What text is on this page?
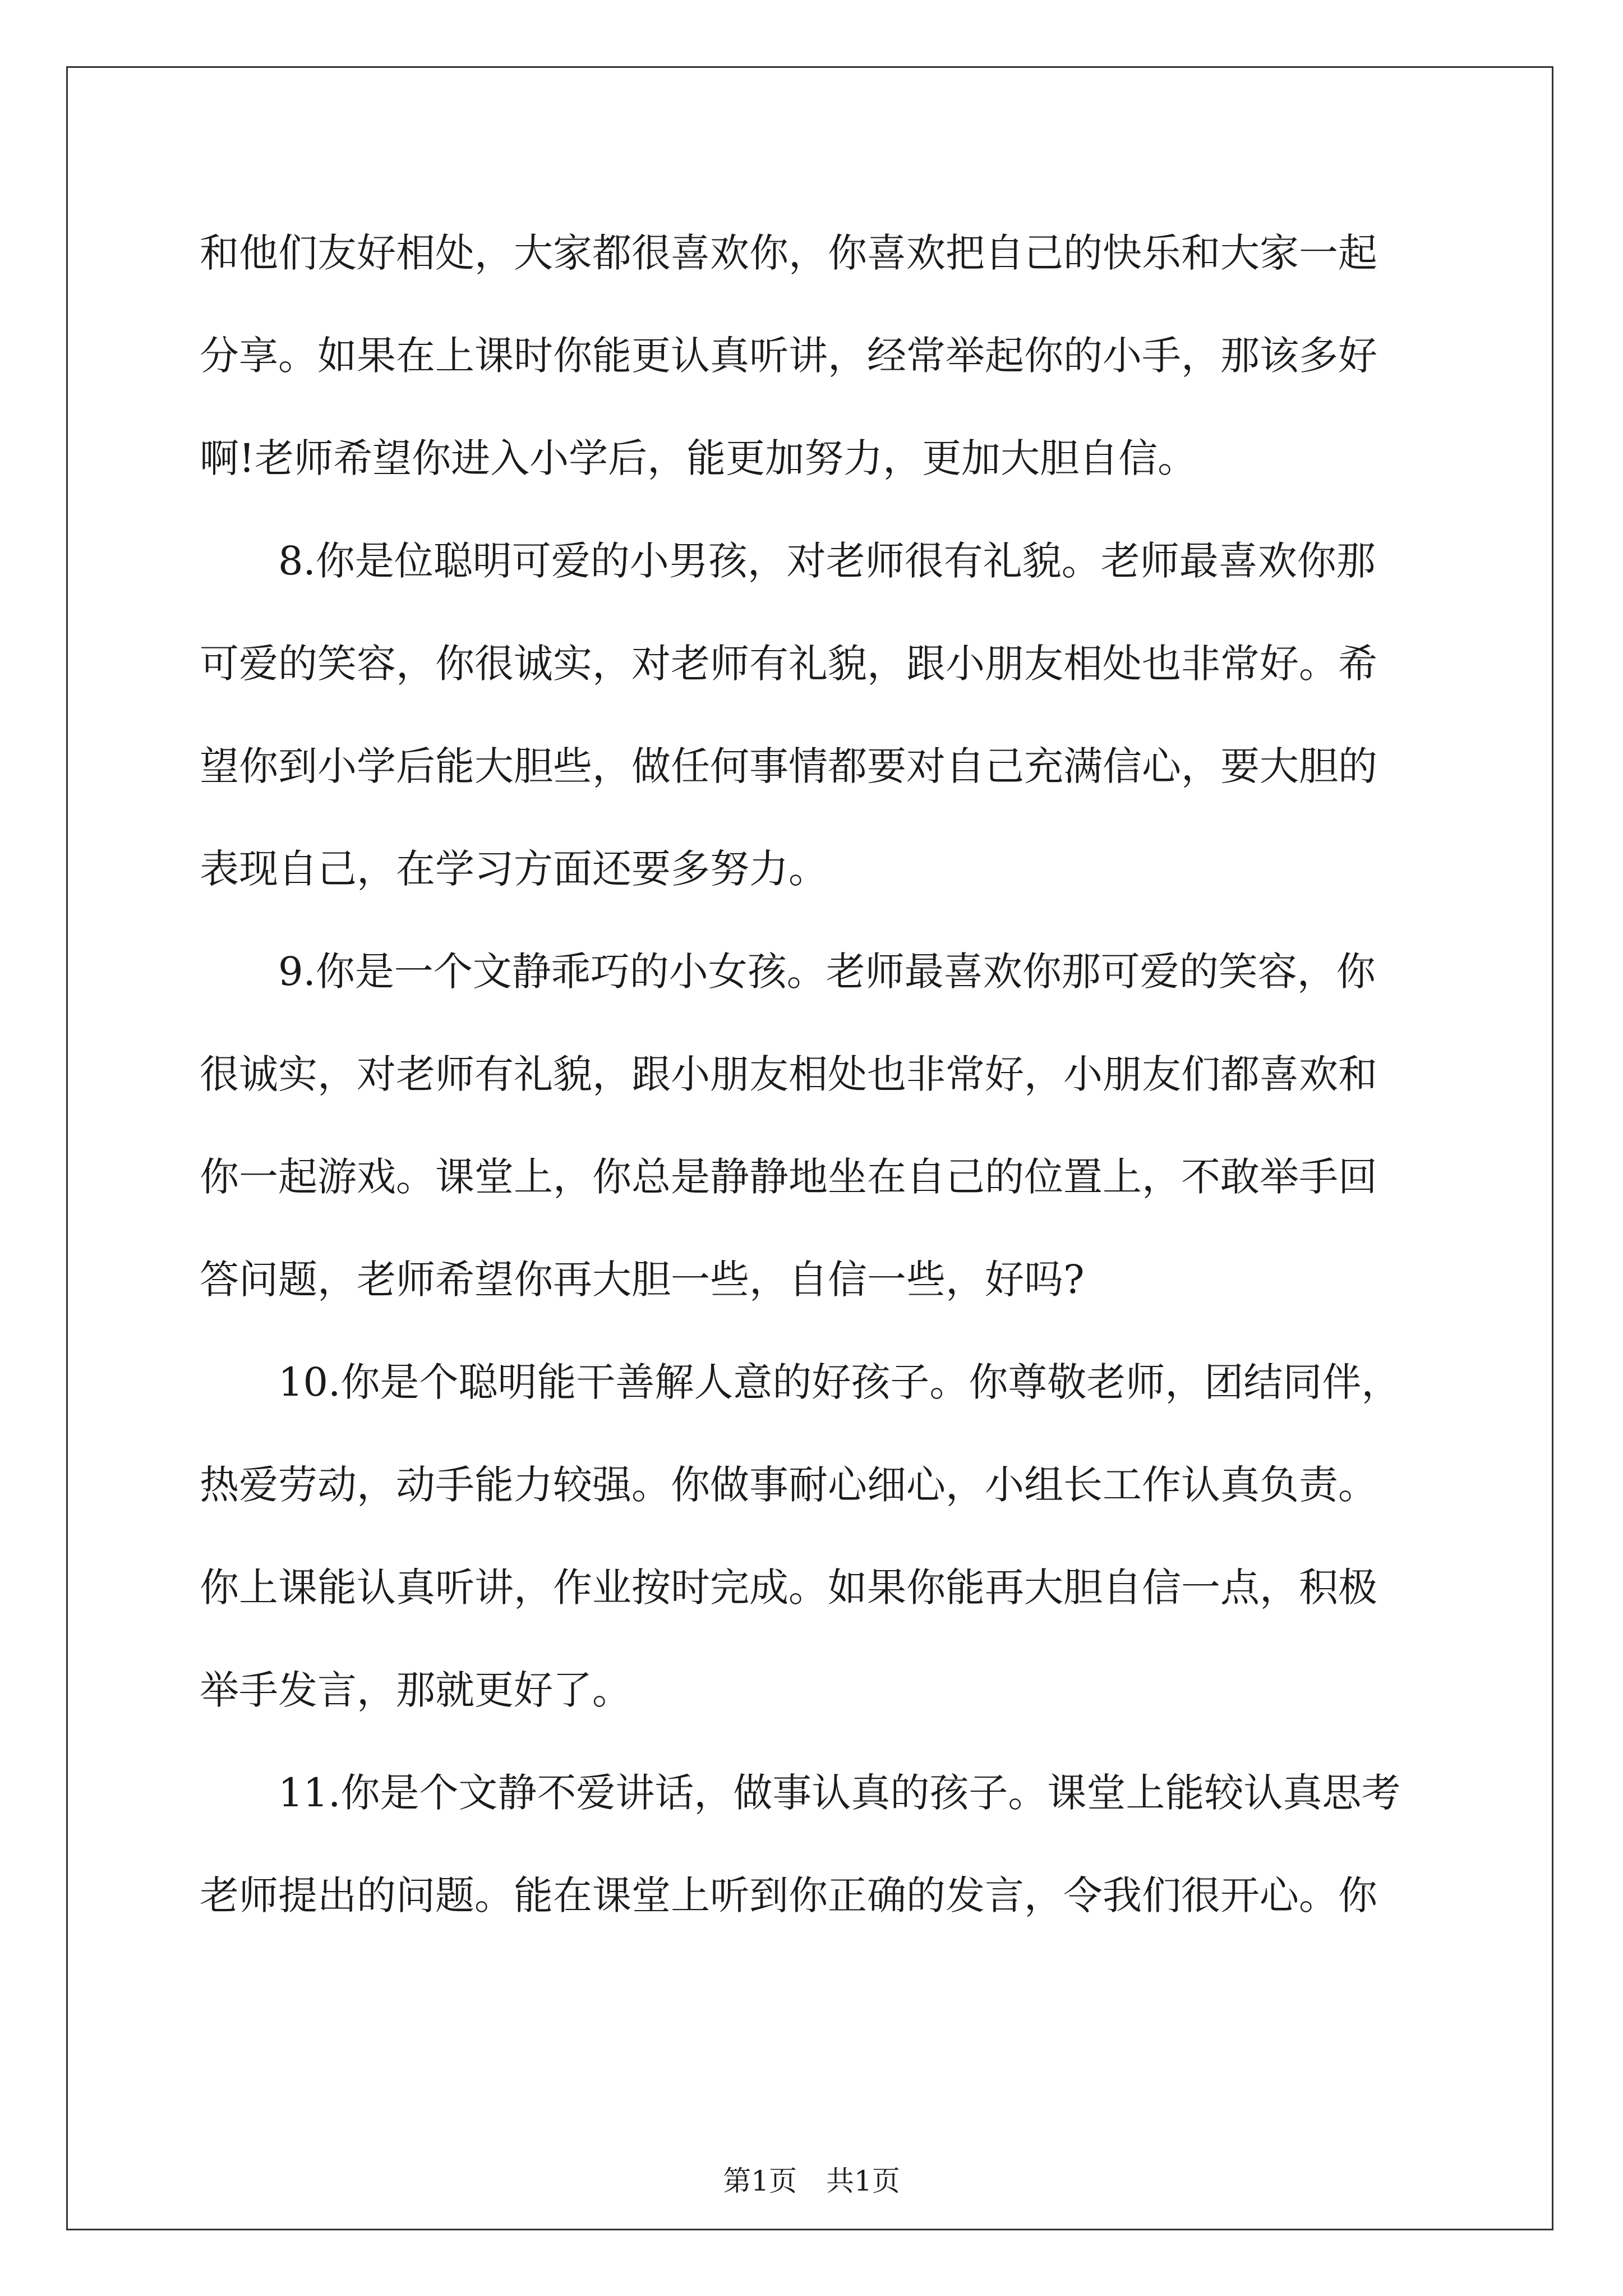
和他们友好相处，大家都很喜欢你，你喜欢把自己的快乐和大家一起
分享。如果在上课时你能更认真听讲，经常举起你的小手，那该多好
啊!老师希望你进入小学后，能更加努力，更加大胆自信。
　　8.你是位聪明可爱的小男孩，对老师很有礼貌。老师最喜欢你那
可爱的笑容，你很诚实，对老师有礼貌，跟小朋友相处也非常好。希
望你到小学后能大胆些，做任何事情都要对自己充满信心，要大胆的
表现自己，在学习方面还要多努力。
　　9.你是一个文静乖巧的小女孩。老师最喜欢你那可爱的笑容，你
很诚实，对老师有礼貌，跟小朋友相处也非常好，小朋友们都喜欢和
你一起游戏。课堂上，你总是静静地坐在自己的位置上，不敢举手回
答问题，老师希望你再大胆一些，自信一些，好吗?
　　10.你是个聪明能干善解人意的好孩子。你尊敬老师，团结同伴，
热爱劳动，动手能力较强。你做事耐心细心，小组长工作认真负责。
你上课能认真听讲，作业按时完成。如果你能再大胆自信一点，积极
举手发言，那就更好了。
　　11.你是个文静不爱讲话，做事认真的孩子。课堂上能较认真思考
老师提出的问题。能在课堂上听到你正确的发言，令我们很开心。你
第1页 共1页
